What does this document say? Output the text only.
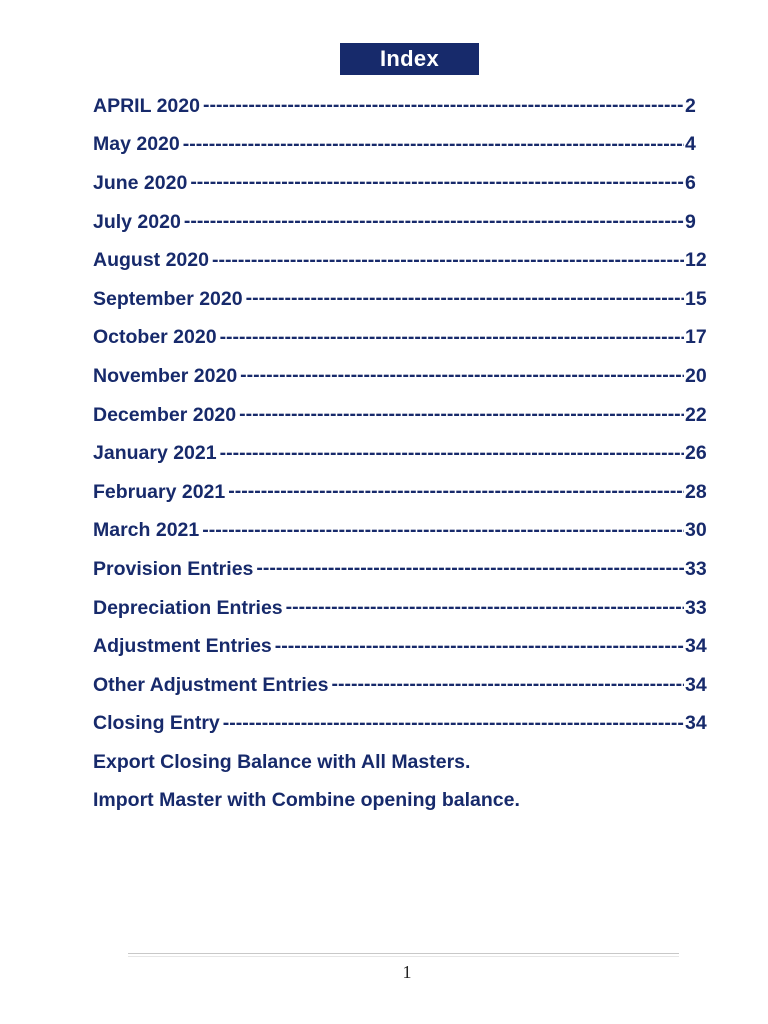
Index
APRIL 2020 -----	2
May 2020 -----	4
June 2020 -----	6
July 2020 -----	9
August 2020 -----	12
September 2020 -----	15
October 2020 -----	17
November 2020 -----	20
December 2020 -----	22
January 2021 -----	26
February 2021 -----	28
March 2021 -----	30
Provision Entries -----	33
Depreciation Entries -----	33
Adjustment Entries -----	34
Other Adjustment Entries -----	34
Closing Entry -----	34
Export Closing Balance with All Masters.
Import Master with Combine opening balance.
1
